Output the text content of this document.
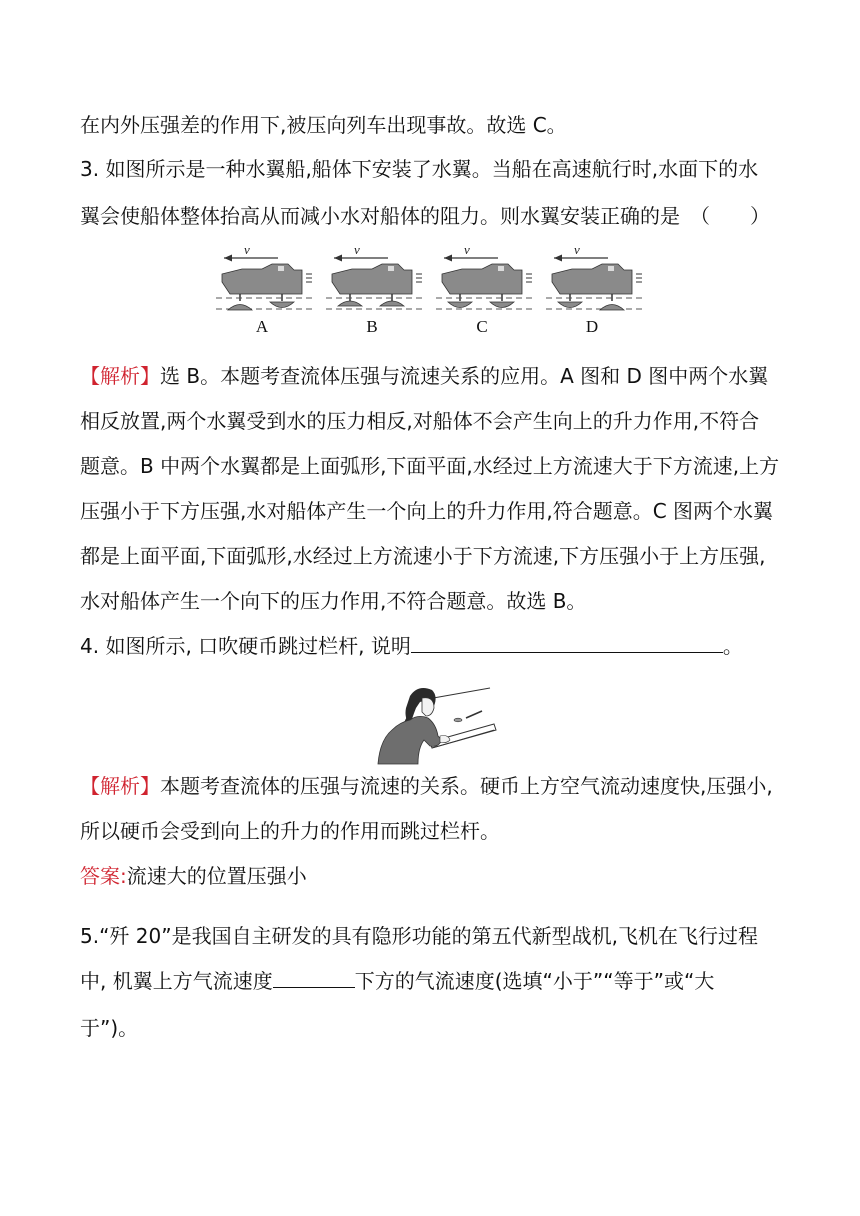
在内外压强差的作用下,被压向列车出现事故。故选 C。
3. 如图所示是一种水翼船,船体下安装了水翼。当船在高速航行时,水面下的水
翼会使船体整体抬高从而减小水对船体的阻力。则水翼安装正确的是　（　　）
A
v
B
v
C
v
D
v
【解析】选 B。本题考查流体压强与流速关系的应用。A 图和 D 图中两个水翼
相反放置,两个水翼受到水的压力相反,对船体不会产生向上的升力作用,不符合
题意。B 中两个水翼都是上面弧形,下面平面,水经过上方流速大于下方流速,上方
压强小于下方压强,水对船体产生一个向上的升力作用,符合题意。C 图两个水翼
都是上面平面,下面弧形,水经过上方流速小于下方流速,下方压强小于上方压强,
水对船体产生一个向下的压力作用,不符合题意。故选 B。
4. 如图所示, 口吹硬币跳过栏杆, 说明	。
【解析】本题考查流体的压强与流速的关系。硬币上方空气流动速度快,压强小,
所以硬币会受到向上的升力的作用而跳过栏杆。
答案:流速大的位置压强小
5.“歼 20”是我国自主研发的具有隐形功能的第五代新型战机,飞机在飞行过程
中, 机翼上方气流速度	下方的气流速度(选填“小于”“等于”或“大
于”)。
